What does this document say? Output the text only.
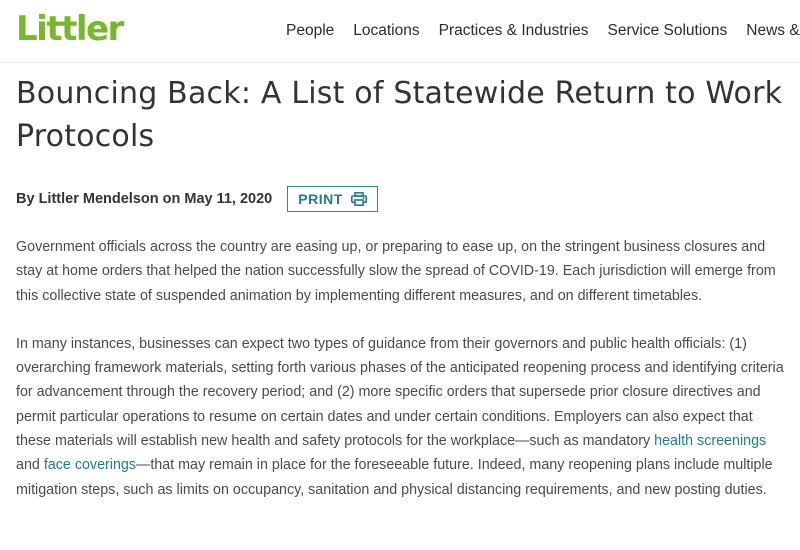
Littler	People Locations Practices & Industries Service Solutions News &
Bouncing Back: A List of Statewide Return to Work Protocols
By Littler Mendelson on May 11, 2020 PRINT

Government officials across the country are easing up, or preparing to ease up, on the stringent business closures and stay at home orders that helped the nation successfully slow the spread of COVID-19. Each jurisdiction will emerge from this collective state of suspended animation by implementing different measures, and on different timetables.

In many instances, businesses can expect two types of guidance from their governors and public health officials: (1) overarching framework materials, setting forth various phases of the anticipated reopening process and identifying criteria for advancement through the recovery period; and (2) more specific orders that supersede prior closure directives and permit particular operations to resume on certain dates and under certain conditions. Employers can also expect that these materials will establish new health and safety protocols for the workplace—such as mandatory health screenings and face coverings—that may remain in place for the foreseeable future. Indeed, many reopening plans include multiple mitigation steps, such as limits on occupancy, sanitation and physical distancing requirements, and new posting duties.
